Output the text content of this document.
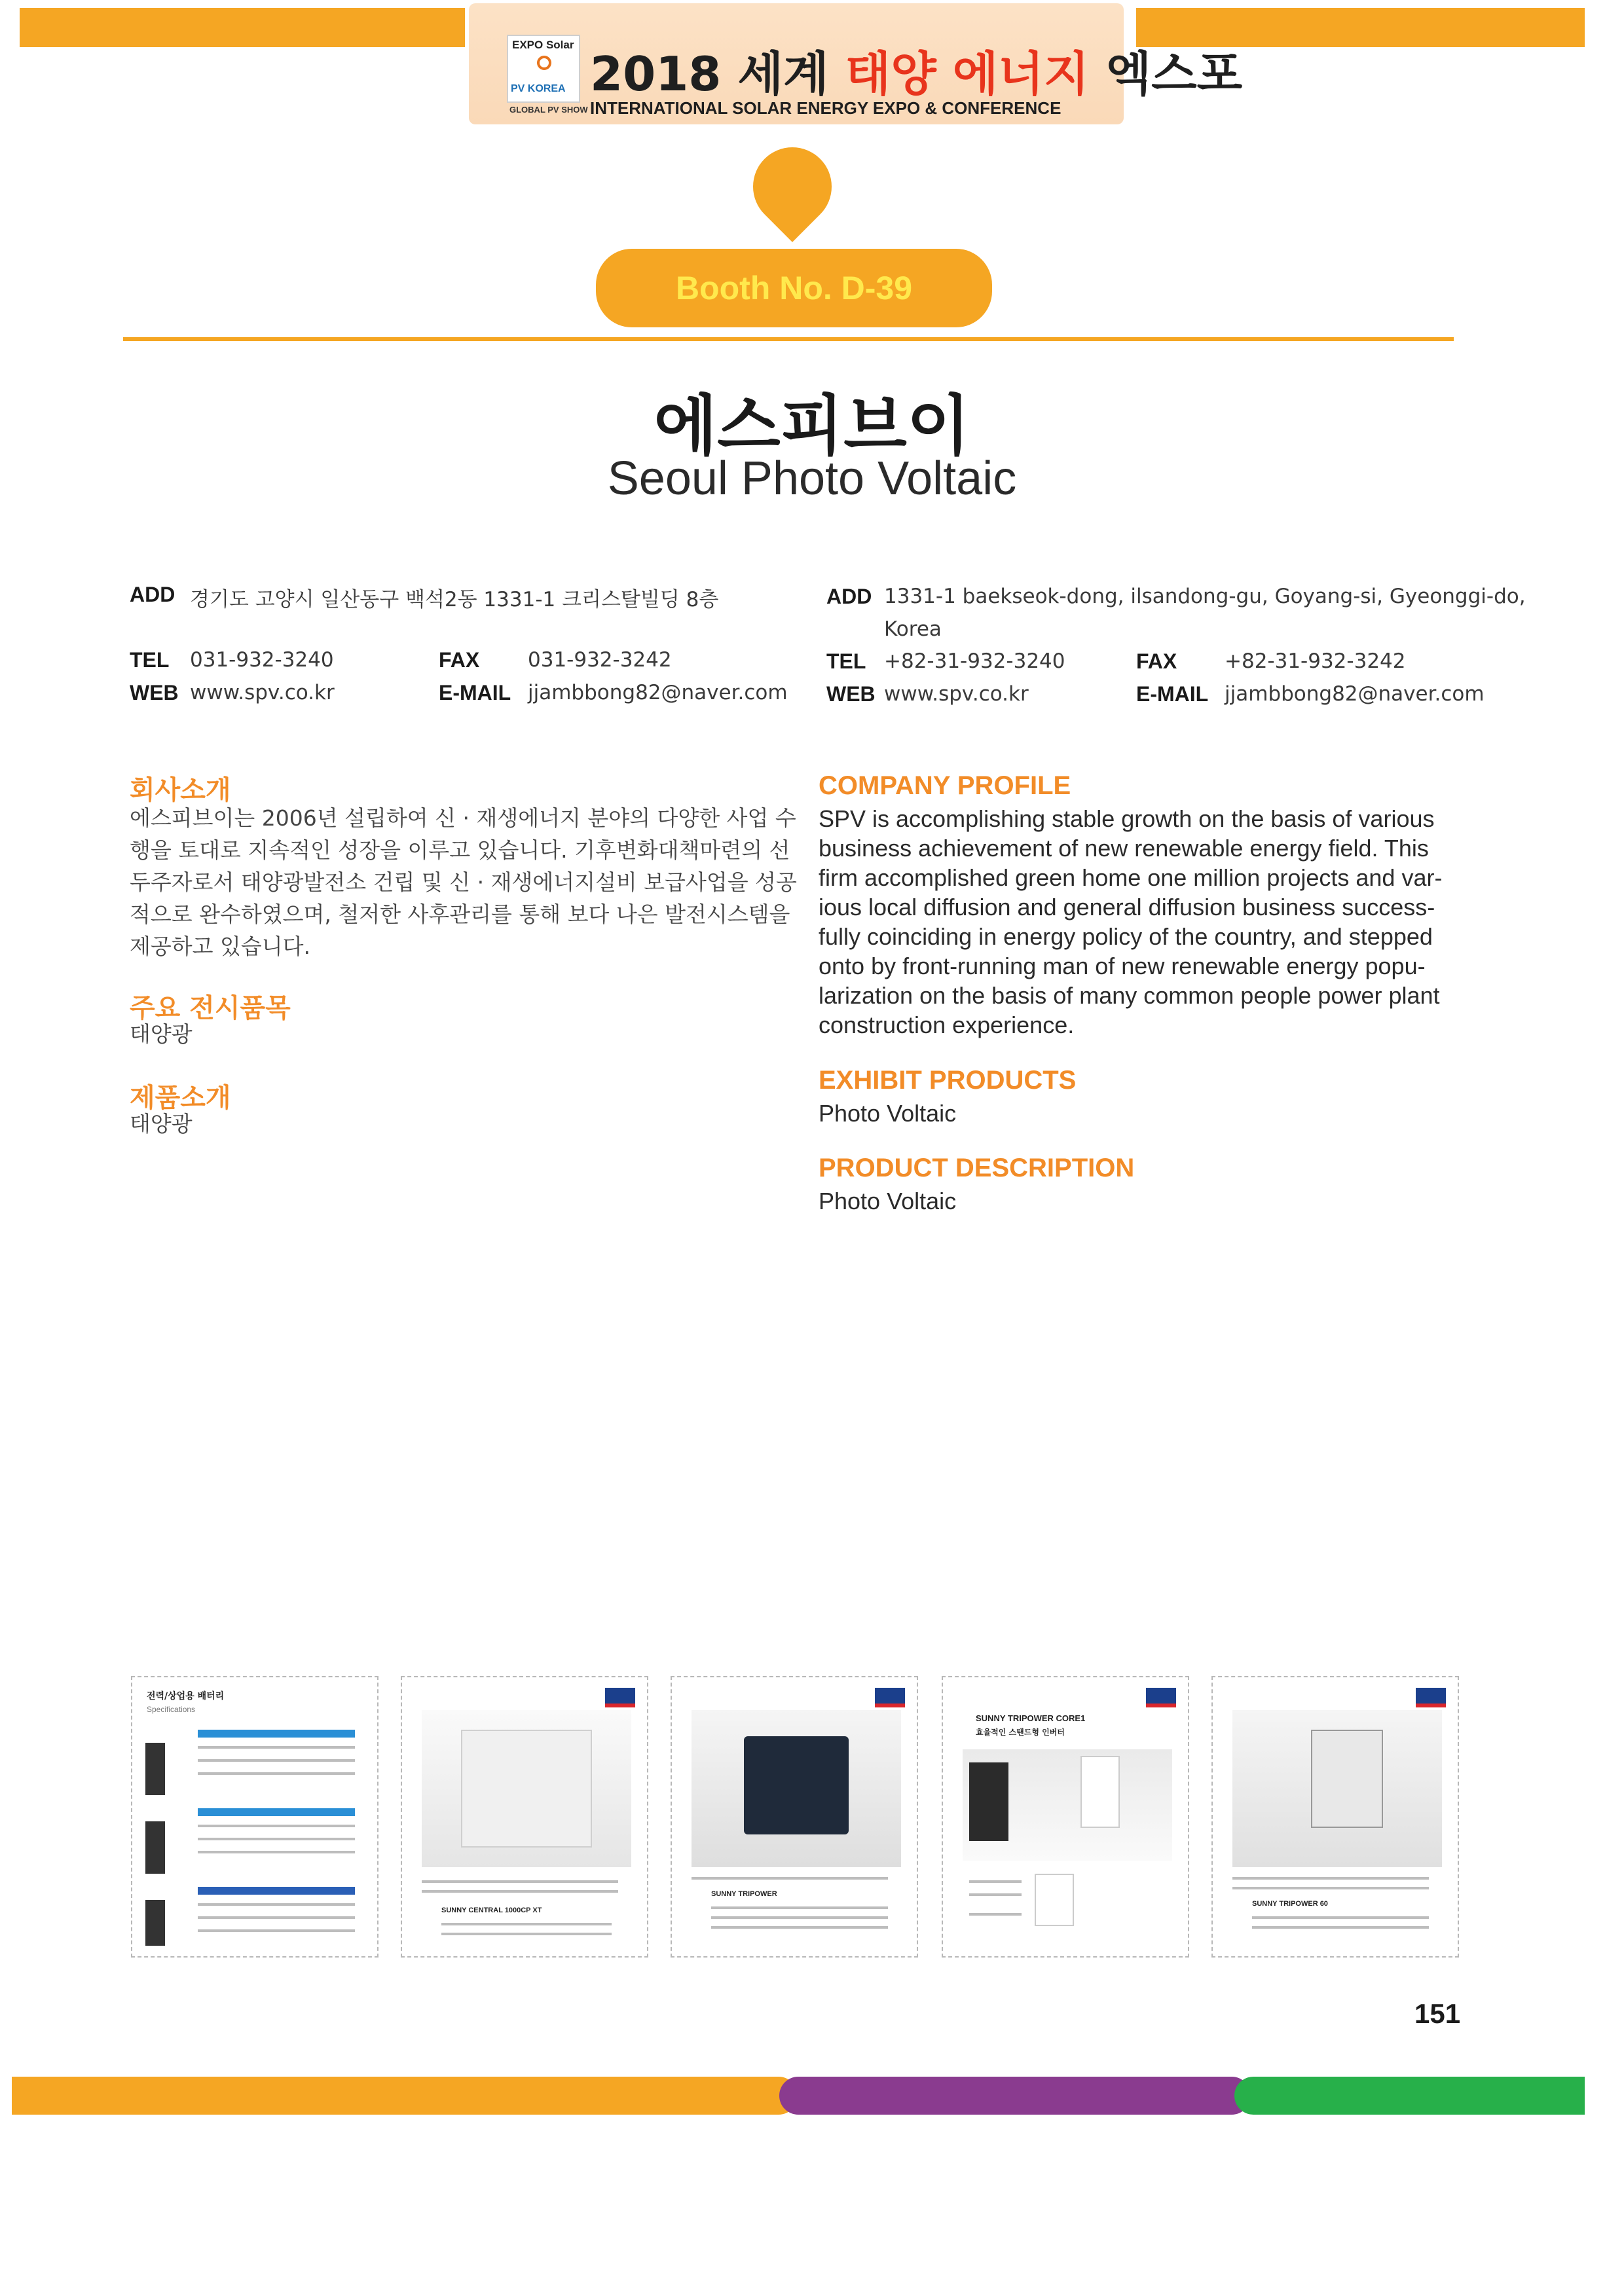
EXPO Solar
PV KOREA
GLOBAL PV SHOW
2018 세계 태양 에너지 엑스포
INTERNATIONAL SOLAR ENERGY EXPO & CONFERENCE
Booth No. D-39
에스피브이
Seoul Photo Voltaic
ADD 경기도 고양시 일산동구 백석2동 1331-1 크리스탈빌딩 8층
TEL 031-932-3240	FAX 031-932-3242
WEB www.spv.co.kr	E-MAIL jjambbong82@naver.com
ADD 1331-1 baekseok-dong, ilsandong-gu, Goyang-si, Gyeonggi-do,
Korea
TEL +82-31-932-3240	FAX +82-31-932-3242
WEB www.spv.co.kr	E-MAIL jjambbong82@naver.com
회사소개
에스피브이는 2006년 설립하여 신 · 재생에너지 분야의 다양한 사업 수
행을 토대로 지속적인 성장을 이루고 있습니다. 기후변화대책마련의 선
두주자로서 태양광발전소 건립 및 신 · 재생에너지설비 보급사업을 성공
적으로 완수하였으며, 철저한 사후관리를 통해 보다 나은 발전시스템을
제공하고 있습니다.
주요 전시품목
태양광
제품소개
태양광
COMPANY PROFILE
SPV is accomplishing stable growth on the basis of various
business achievement of new renewable energy field. This
firm accomplished green home one million projects and var-
ious local diffusion and general diffusion business success-
fully coinciding in energy policy of the country, and stepped
onto by front-running man of new renewable energy popu-
larization on the basis of many common people power plant
construction experience.
EXHIBIT PRODUCTS
Photo Voltaic
PRODUCT DESCRIPTION
Photo Voltaic
전력/상업용 배터리
Specifications
SUNNY CENTRAL 1000CP XT
SUNNY TRIPOWER
SUNNY TRIPOWER CORE1
효율적인 스탠드형 인버터
SUNNY TRIPOWER 60
151
